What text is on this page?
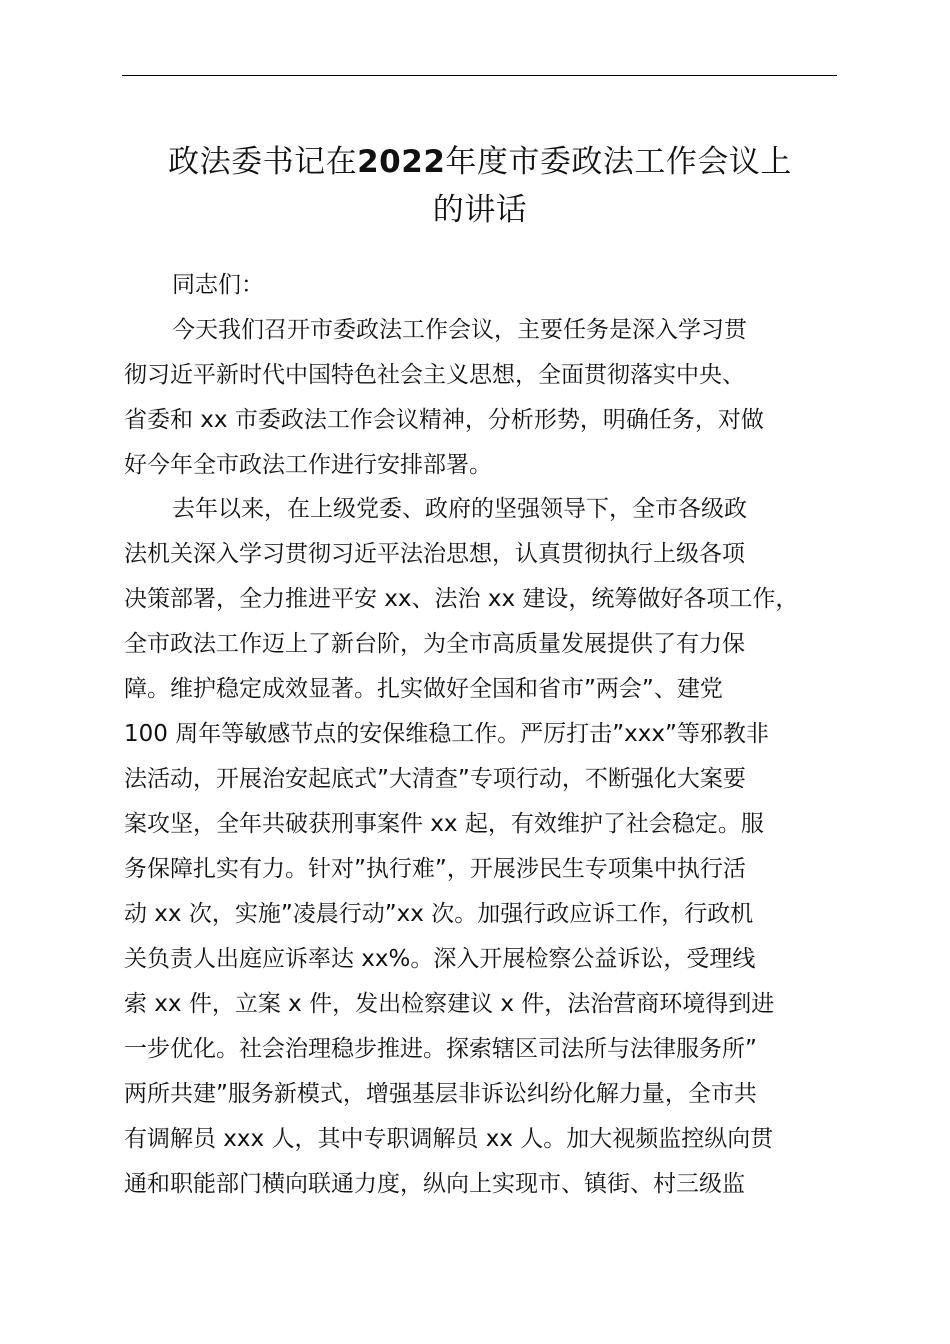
政法委书记在2022年度市委政法工作会议上
的讲话

同志们：

今天我们召开市委政法工作会议，主要任务是深入学习贯
彻习近平新时代中国特色社会主义思想，全面贯彻落实中央、
省委和 xx 市委政法工作会议精神，分析形势，明确任务，对做
好今年全市政法工作进行安排部署。
去年以来，在上级党委、政府的坚强领导下，全市各级政
法机关深入学习贯彻习近平法治思想，认真贯彻执行上级各项
决策部署，全力推进平安 xx、法治 xx 建设，统筹做好各项工作，
全市政法工作迈上了新台阶，为全市高质量发展提供了有力保
障。维护稳定成效显著。扎实做好全国和省市”两会”、建党
100 周年等敏感节点的安保维稳工作。严厉打击”xxx”等邪教非
法活动，开展治安起底式”大清查”专项行动，不断强化大案要
案攻坚，全年共破获刑事案件 xx 起，有效维护了社会稳定。服
务保障扎实有力。针对”执行难”，开展涉民生专项集中执行活
动 xx 次，实施”凌晨行动”xx 次。加强行政应诉工作，行政机
关负责人出庭应诉率达 xx%。深入开展检察公益诉讼，受理线
索 xx 件，立案 x 件，发出检察建议 x 件，法治营商环境得到进
一步优化。社会治理稳步推进。探索辖区司法所与法律服务所”
两所共建”服务新模式，增强基层非诉讼纠纷化解力量，全市共
有调解员 xxx 人，其中专职调解员 xx 人。加大视频监控纵向贯
通和职能部门横向联通力度，纵向上实现市、镇街、村三级监
